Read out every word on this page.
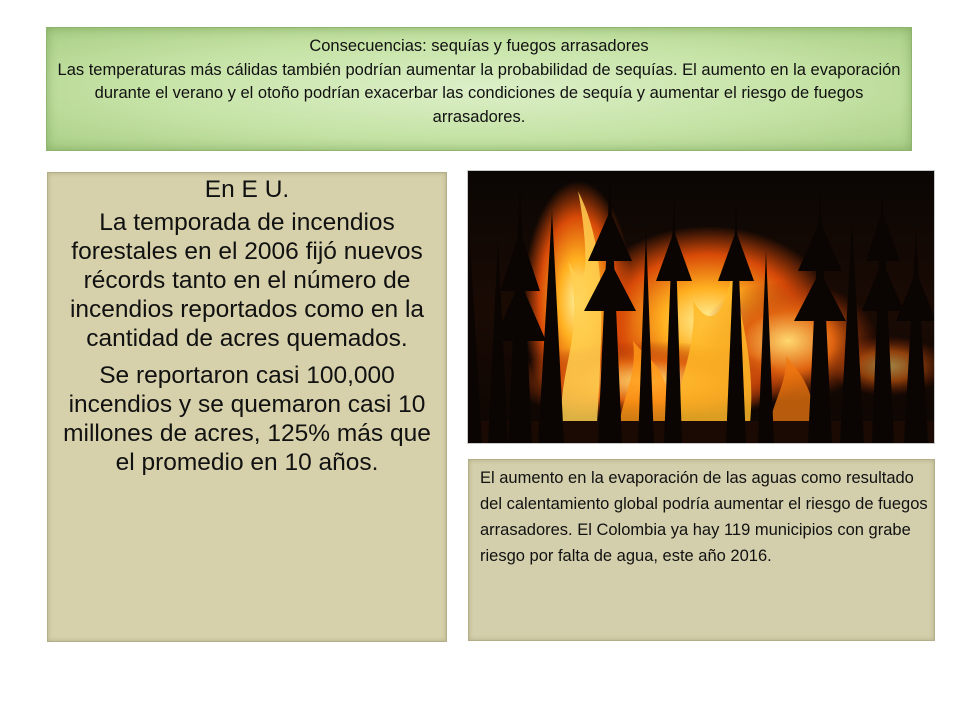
Consecuencias: sequías y fuegos arrasadores
Las temperaturas más cálidas también podrían aumentar la probabilidad de sequías. El aumento en la evaporación durante el verano y el otoño podrían exacerbar las condiciones de sequía y aumentar el riesgo de fuegos arrasadores.

En E U.

La temporada de incendios forestales en el 2006 fijó nuevos récords tanto en el número de incendios reportados como en la cantidad de acres quemados.

Se reportaron casi 100,000 incendios y se quemaron casi 10 millones de acres, 125% más que el promedio en 10 años.

El aumento en la evaporación de las aguas como resultado del calentamiento global podría aumentar el riesgo de fuegos arrasadores. El Colombia ya hay 119 municipios con grabe riesgo por falta de agua, este año 2016.
